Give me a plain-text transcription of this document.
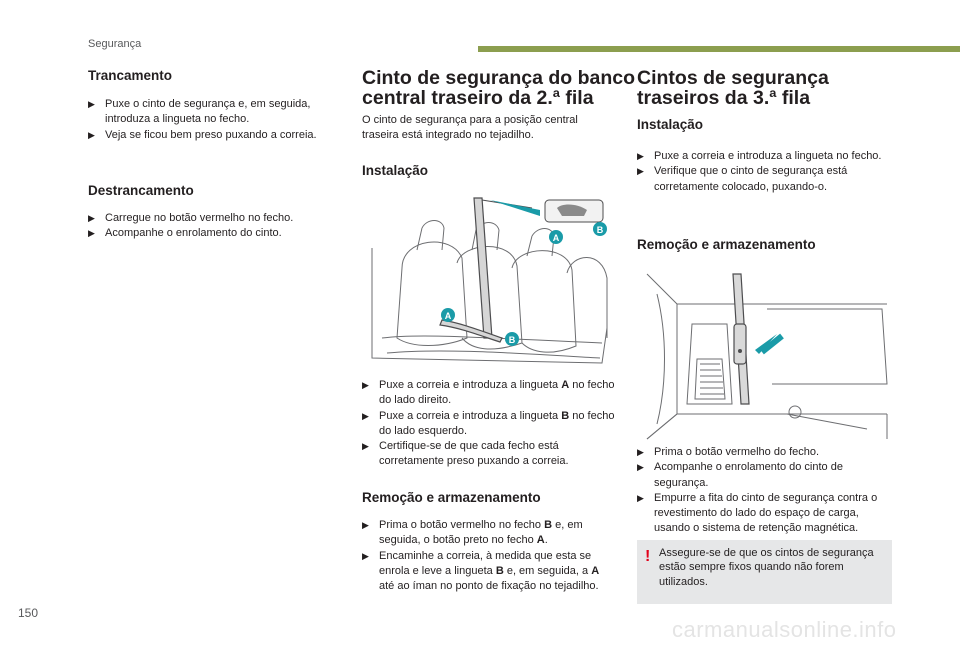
Segurança
Trancamento
▶ Puxe o cinto de segurança e, em seguida, introduza a lingueta no fecho.
▶ Veja se ficou bem preso puxando a correia.
Destrancamento
▶ Carregue no botão vermelho no fecho.
▶ Acompanhe o enrolamento do cinto.
Cinto de segurança do banco
central traseiro da 2.ª fila
O cinto de segurança para a posição central traseira está integrado no tejadilho.
Instalação
A
B
A
B
▶ Puxe a correia e introduza a lingueta A no fecho do lado direito.
▶ Puxe a correia e introduza a lingueta B no fecho do lado esquerdo.
▶ Certifique-se de que cada fecho está corretamente preso puxando a correia.
Remoção e armazenamento
▶ Prima o botão vermelho no fecho B e, em seguida, o botão preto no fecho A.
▶ Encaminhe a correia, à medida que esta se enrola e leve a lingueta B e, em seguida, a A até ao íman no ponto de fixação no tejadilho.
Cintos de segurança
traseiros da 3.ª fila
Instalação
▶ Puxe a correia e introduza a lingueta no fecho.
▶ Verifique que o cinto de segurança está corretamente colocado, puxando-o.
Remoção e armazenamento
▶ Prima o botão vermelho do fecho.
▶ Acompanhe o enrolamento do cinto de segurança.
▶ Empurre a fita do cinto de segurança contra o revestimento do lado do espaço de carga, usando o sistema de retenção magnética.
! Assegure-se de que os cintos de segurança estão sempre fixos quando não forem utilizados.
150
carmanualsonline.info
